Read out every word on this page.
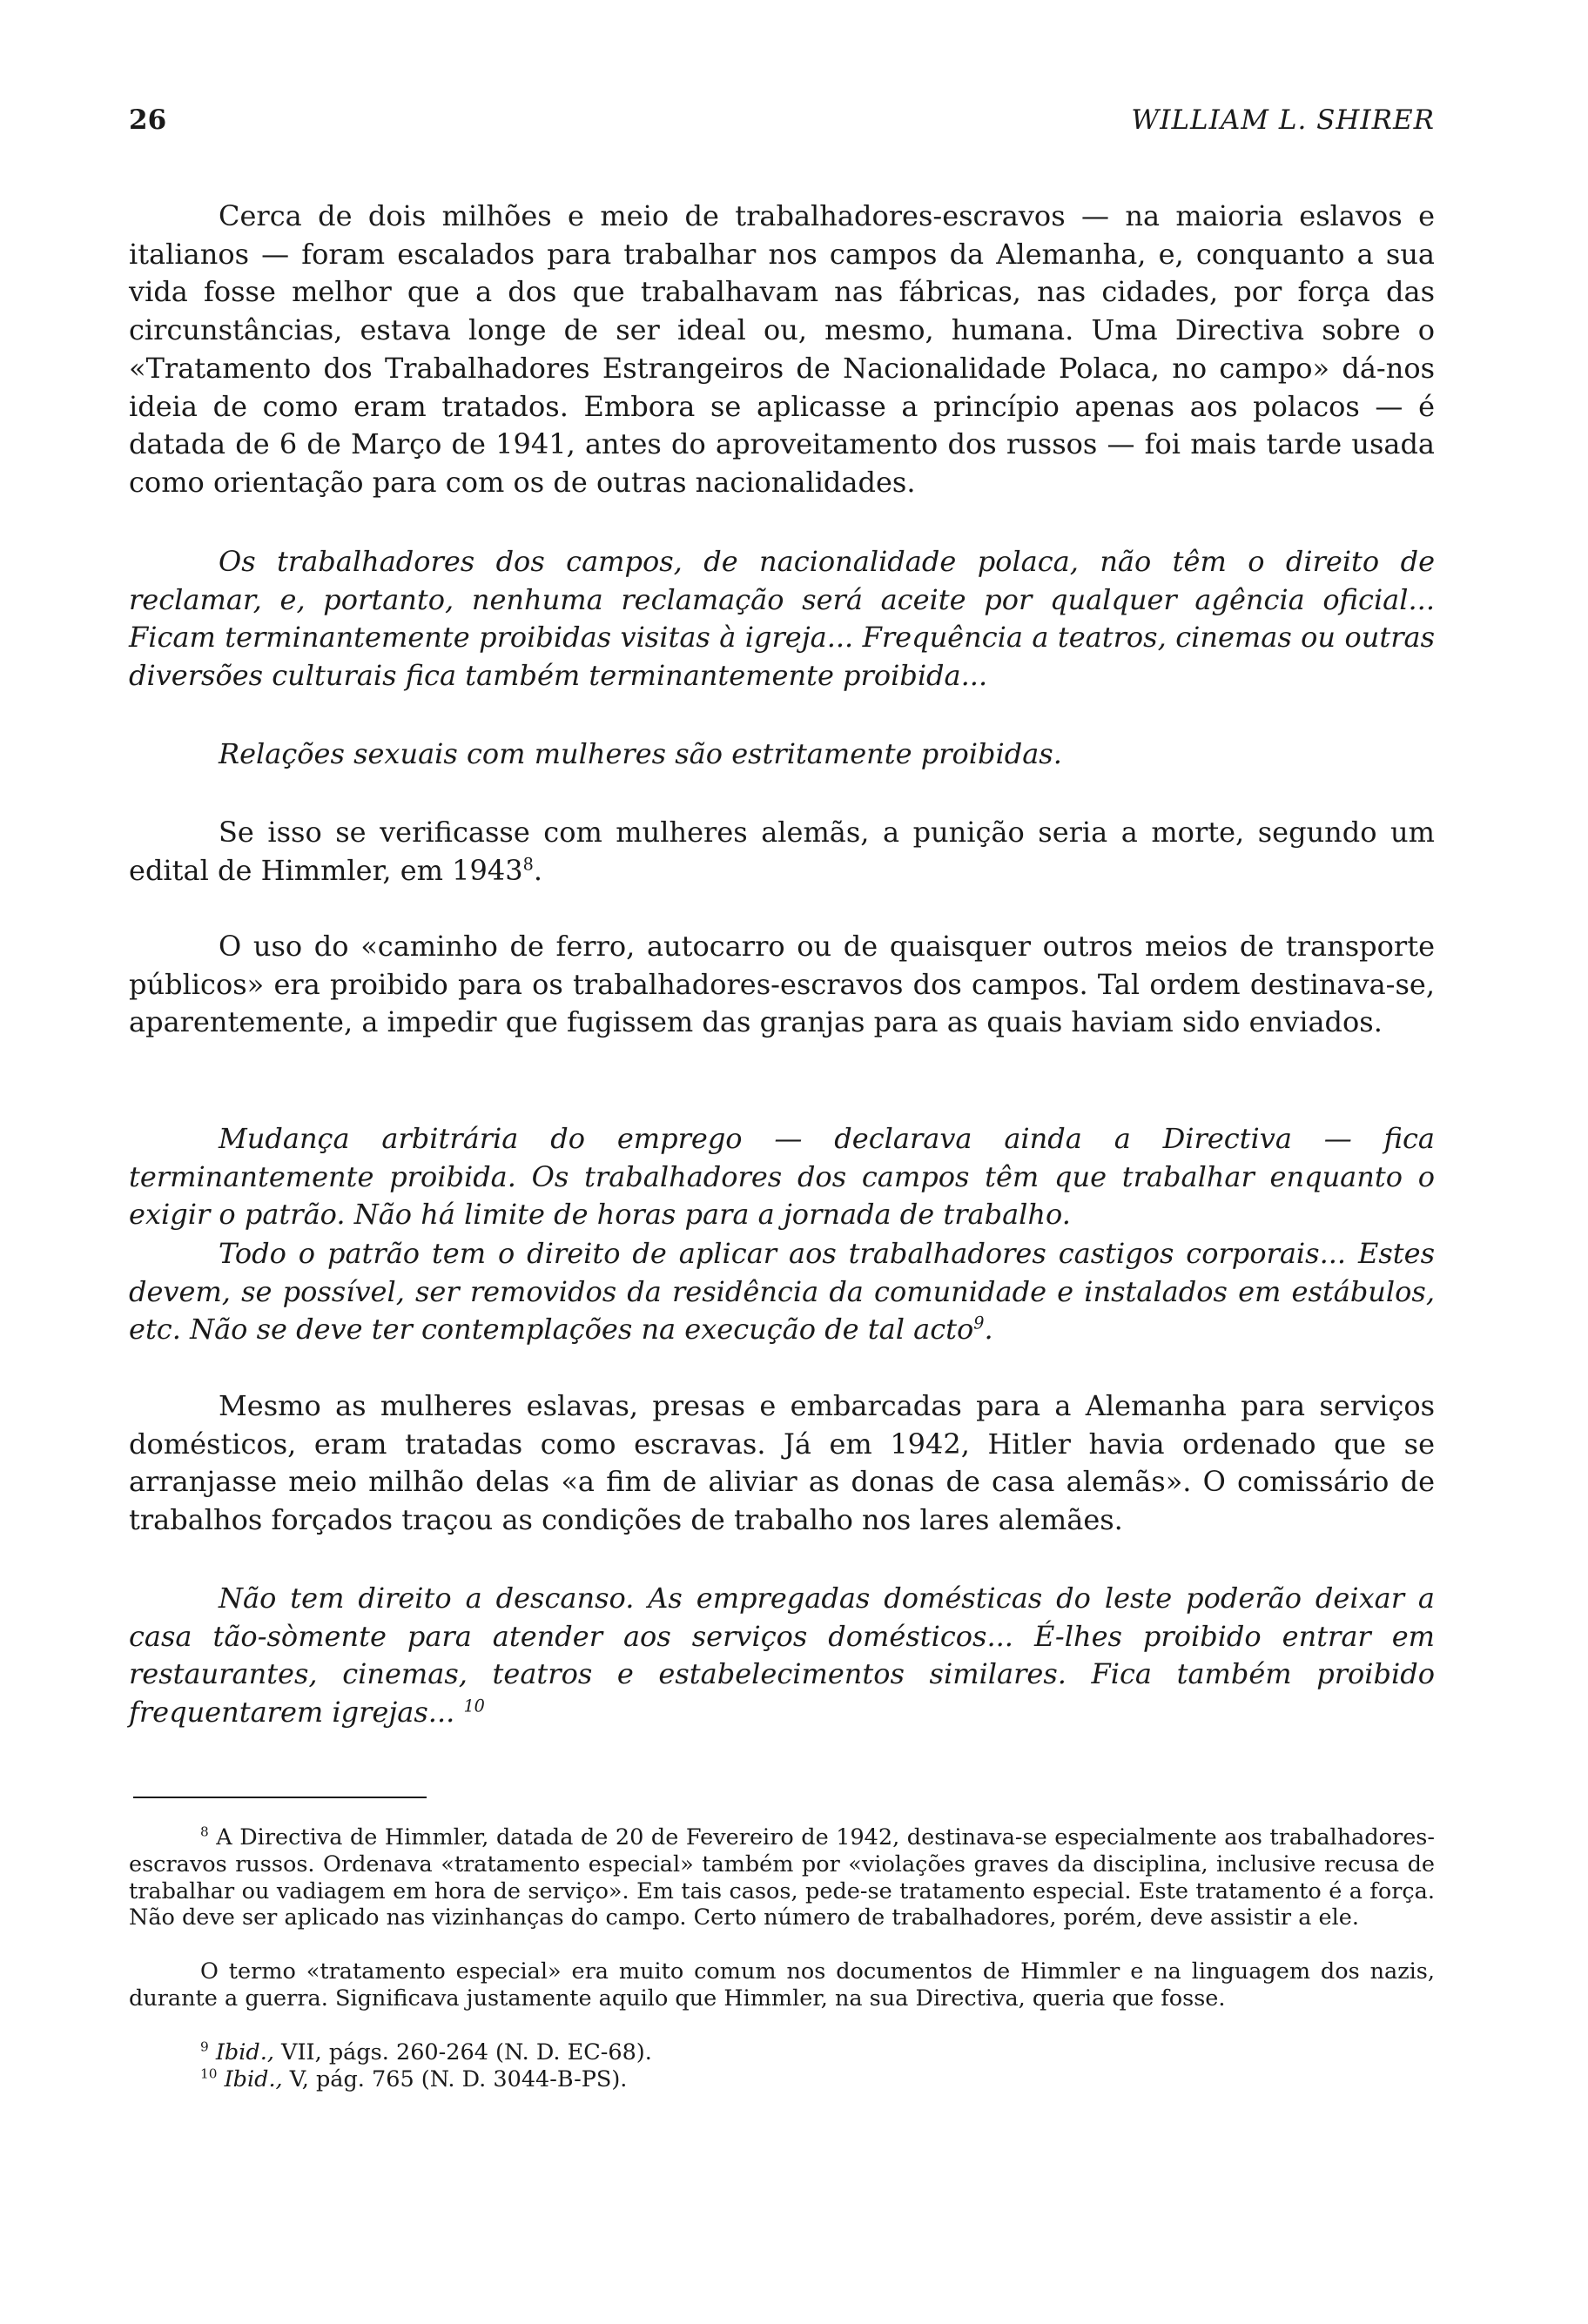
26	WILLIAM L. SHIRER

Cerca de dois milhões e meio de trabalhadores-escravos — na maioria eslavos e italianos — foram escalados para trabalhar nos campos da Alemanha, e, conquanto a sua vida fosse melhor que a dos que trabalhavam nas fábricas, nas cidades, por força das circunstâncias, estava longe de ser ideal ou, mesmo, humana. Uma Directiva sobre o «Tratamento dos Trabalhadores Estrangeiros de Nacionalidade Polaca, no campo» dá-nos ideia de como eram tratados. Embora se aplicasse a princípio apenas aos polacos — é datada de 6 de Março de 1941, antes do aproveitamento dos russos — foi mais tarde usada como orientação para com os de outras nacionalidades.

Os trabalhadores dos campos, de nacionalidade polaca, não têm o direito de reclamar, e, portanto, nenhuma reclamação será aceite por qualquer agência oficial... Ficam terminantemente proibidas visitas à igreja... Frequência a teatros, cinemas ou outras diversões culturais fica também terminantemente proibida...

Relações sexuais com mulheres são estritamente proibidas.

Se isso se verificasse com mulheres alemãs, a punição seria a morte, segundo um edital de Himmler, em 1943$^8$.

O uso do «caminho de ferro, autocarro ou de quaisquer outros meios de transporte públicos» era proibido para os trabalhadores-escravos dos campos. Tal ordem destinava-se, aparentemente, a impedir que fugissem das granjas para as quais haviam sido enviados.

Mudança arbitrária do emprego — declarava ainda a Directiva — fica terminantemente proibida. Os trabalhadores dos campos têm que trabalhar enquanto o exigir o patrão. Não há limite de horas para a jornada de trabalho.

Todo o patrão tem o direito de aplicar aos trabalhadores castigos corporais... Estes devem, se possível, ser removidos da residência da comunidade e instalados em estábulos, etc. Não se deve ter contemplações na execução de tal acto$^9$.

Mesmo as mulheres eslavas, presas e embarcadas para a Alemanha para serviços domésticos, eram tratadas como escravas. Já em 1942, Hitler havia ordenado que se arranjasse meio milhão delas «a fim de aliviar as donas de casa alemãs». O comissário de trabalhos forçados traçou as condições de trabalho nos lares alemães.

Não tem direito a descanso. As empregadas domésticas do leste poderão deixar a casa tão-sòmente para atender aos serviços domésticos... É-lhes proibido entrar em restaurantes, cinemas, teatros e estabelecimentos similares. Fica também proibido frequentarem igrejas... $^{10}$

$^8$ A Directiva de Himmler, datada de 20 de Fevereiro de 1942, destinava-se especialmente aos trabalhadores-escravos russos. Ordenava «tratamento especial» também por «violações graves da disciplina, inclusive recusa de trabalhar ou vadiagem em hora de serviço». Em tais casos, pede-se tratamento especial. Este tratamento é a força. Não deve ser aplicado nas vizinhanças do campo. Certo número de trabalhadores, porém, deve assistir a ele.

O termo «tratamento especial» era muito comum nos documentos de Himmler e na linguagem dos nazis, durante a guerra. Significava justamente aquilo que Himmler, na sua Directiva, queria que fosse.

$^9$ Ibid., VII, págs. 260-264 (N. D. EC-68).

$^{10}$ Ibid., V, pág. 765 (N. D. 3044-B-PS).
